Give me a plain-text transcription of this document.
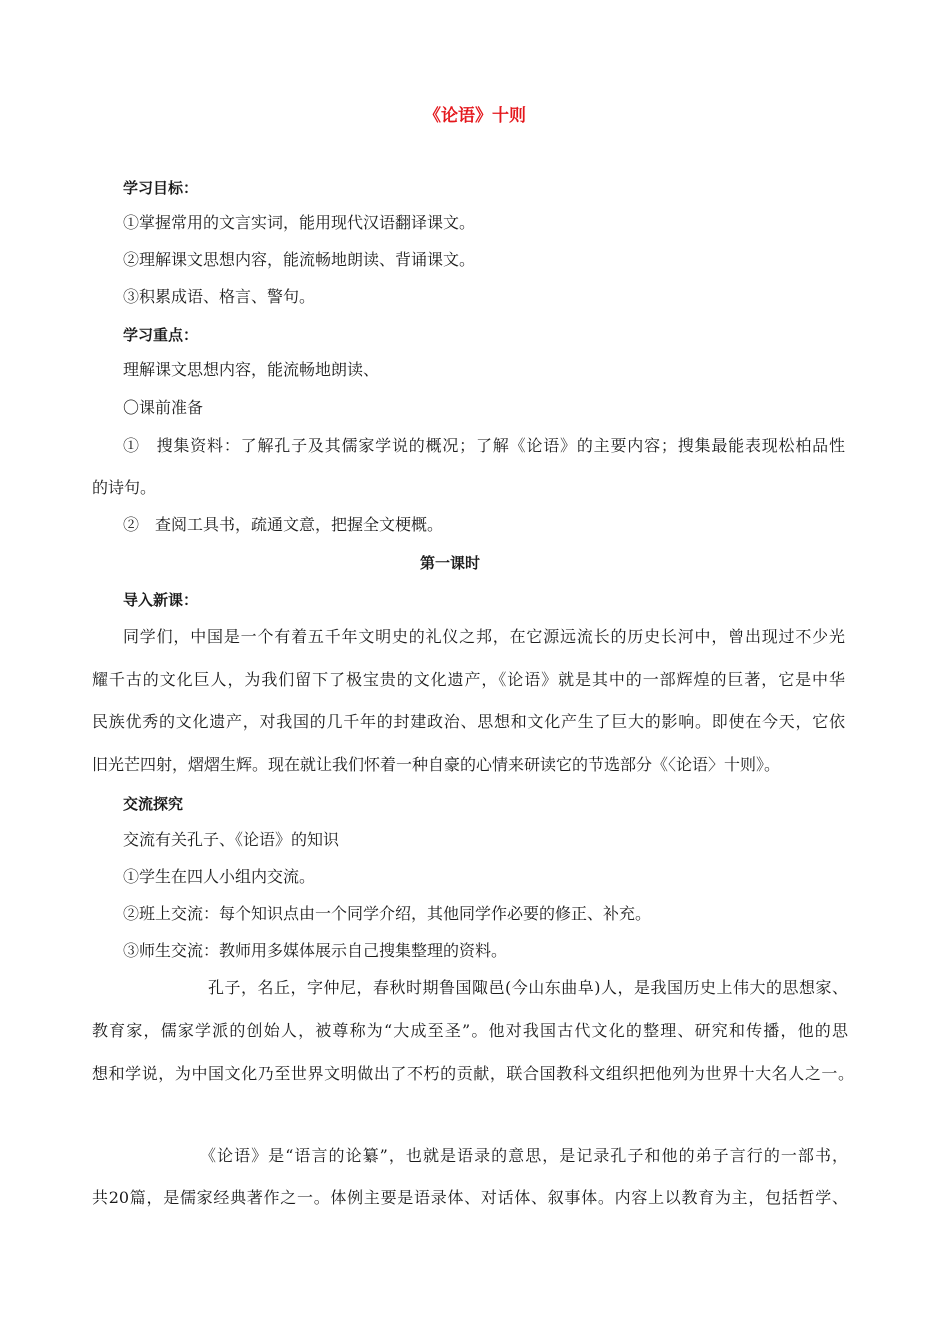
《论语》十则
学习目标：
①掌握常用的文言实词，能用现代汉语翻译课文。
②理解课文思想内容，能流畅地朗读、背诵课文。
③积累成语、格言、警句。
学习重点：
理解课文思想内容，能流畅地朗读、
〇课前准备
①　搜集资料：了解孔子及其儒家学说的概况；了解《论语》的主要内容；搜集最能表现松柏品性
的诗句。
②　查阅工具书，疏通文意，把握全文梗概。
第一课时
导入新课：
同学们，中国是一个有着五千年文明史的礼仪之邦，在它源远流长的历史长河中，曾出现过不少光
耀千古的文化巨人，为我们留下了极宝贵的文化遗产，《论语》就是其中的一部辉煌的巨著，它是中华
民族优秀的文化遗产，对我国的几千年的封建政治、思想和文化产生了巨大的影响。即使在今天，它依
旧光芒四射，熠熠生辉。现在就让我们怀着一种自豪的心情来研读它的节选部分《〈论语〉十则》。
交流探究
交流有关孔子、《论语》的知识
①学生在四人小组内交流。
②班上交流：每个知识点由一个同学介绍，其他同学作必要的修正、补充。
③师生交流：教师用多媒体展示自己搜集整理的资料。
孔子，名丘，字仲尼，春秋时期鲁国陬邑(今山东曲阜)人，是我国历史上伟大的思想家、
教育家，儒家学派的创始人，被尊称为“大成至圣”。他对我国古代文化的整理、研究和传播，他的思
想和学说，为中国文化乃至世界文明做出了不朽的贡献，联合国教科文组织把他列为世界十大名人之一。
《论语》是“语言的论纂”，也就是语录的意思，是记录孔子和他的弟子言行的一部书，
共20篇，是儒家经典著作之一。体例主要是语录体、对话体、叙事体。内容上以教育为主，包括哲学、
